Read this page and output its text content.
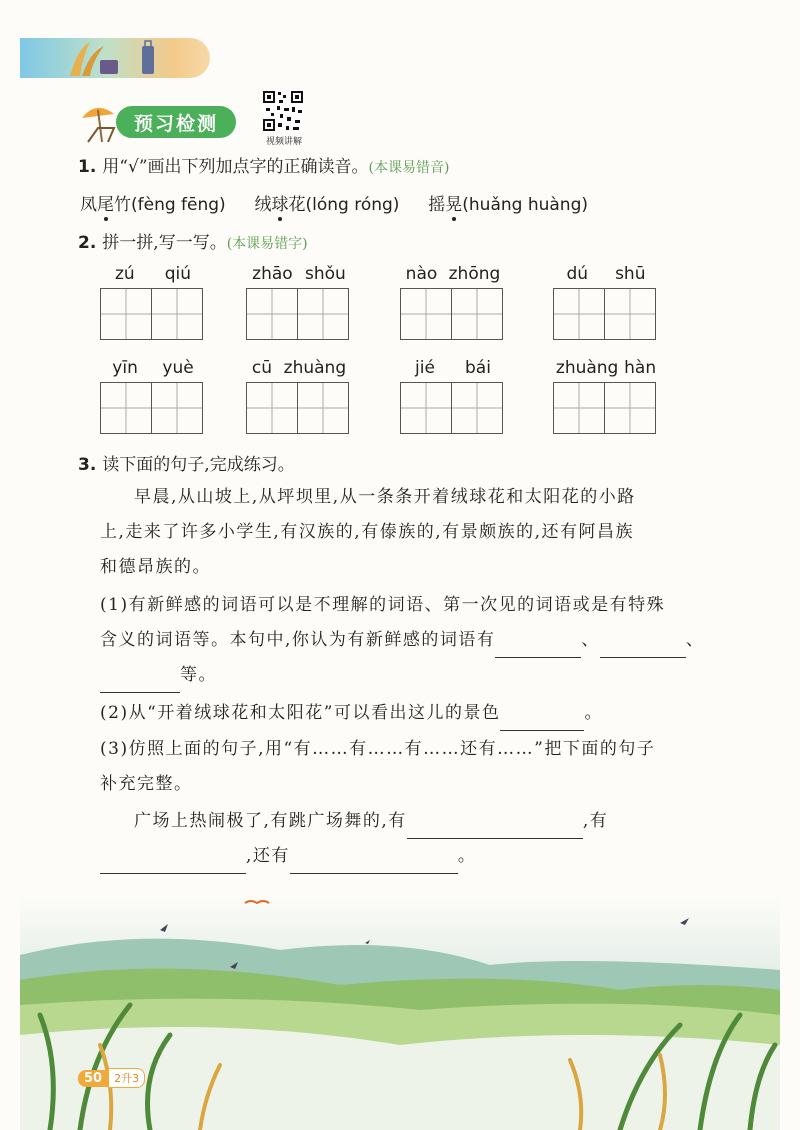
预习检测
视频讲解
1. 用“√”画出下列加点字的正确读音。(本课易错音)
凤尾竹(fèng fēng) 绒球花(lóng róng) 摇晃(huǎng huàng)
2. 拼一拼,写一写。(本课易错字)
zú qiú	zhāo shǒu	nào zhōng	dú shū
yīn yuè	cū zhuàng	jié bái	zhuàng hàn
3. 读下面的句子,完成练习。
早晨,从山坡上,从坪坝里,从一条条开着绒球花和太阳花的小路
上,走来了许多小学生,有汉族的,有傣族的,有景颇族的,还有阿昌族
和德昂族的。
(1)有新鲜感的词语可以是不理解的词语、第一次见的词语或是有特殊
含义的词语等。本句中,你认为有新鲜感的词语有	、	、
等。
(2)从“开着绒球花和太阳花”可以看出这儿的景色	。
(3)仿照上面的句子,用“有……有……有……还有……”把下面的句子
补充完整。
广场上热闹极了,有跳广场舞的,有	,有
,还有	。
50	2升3
